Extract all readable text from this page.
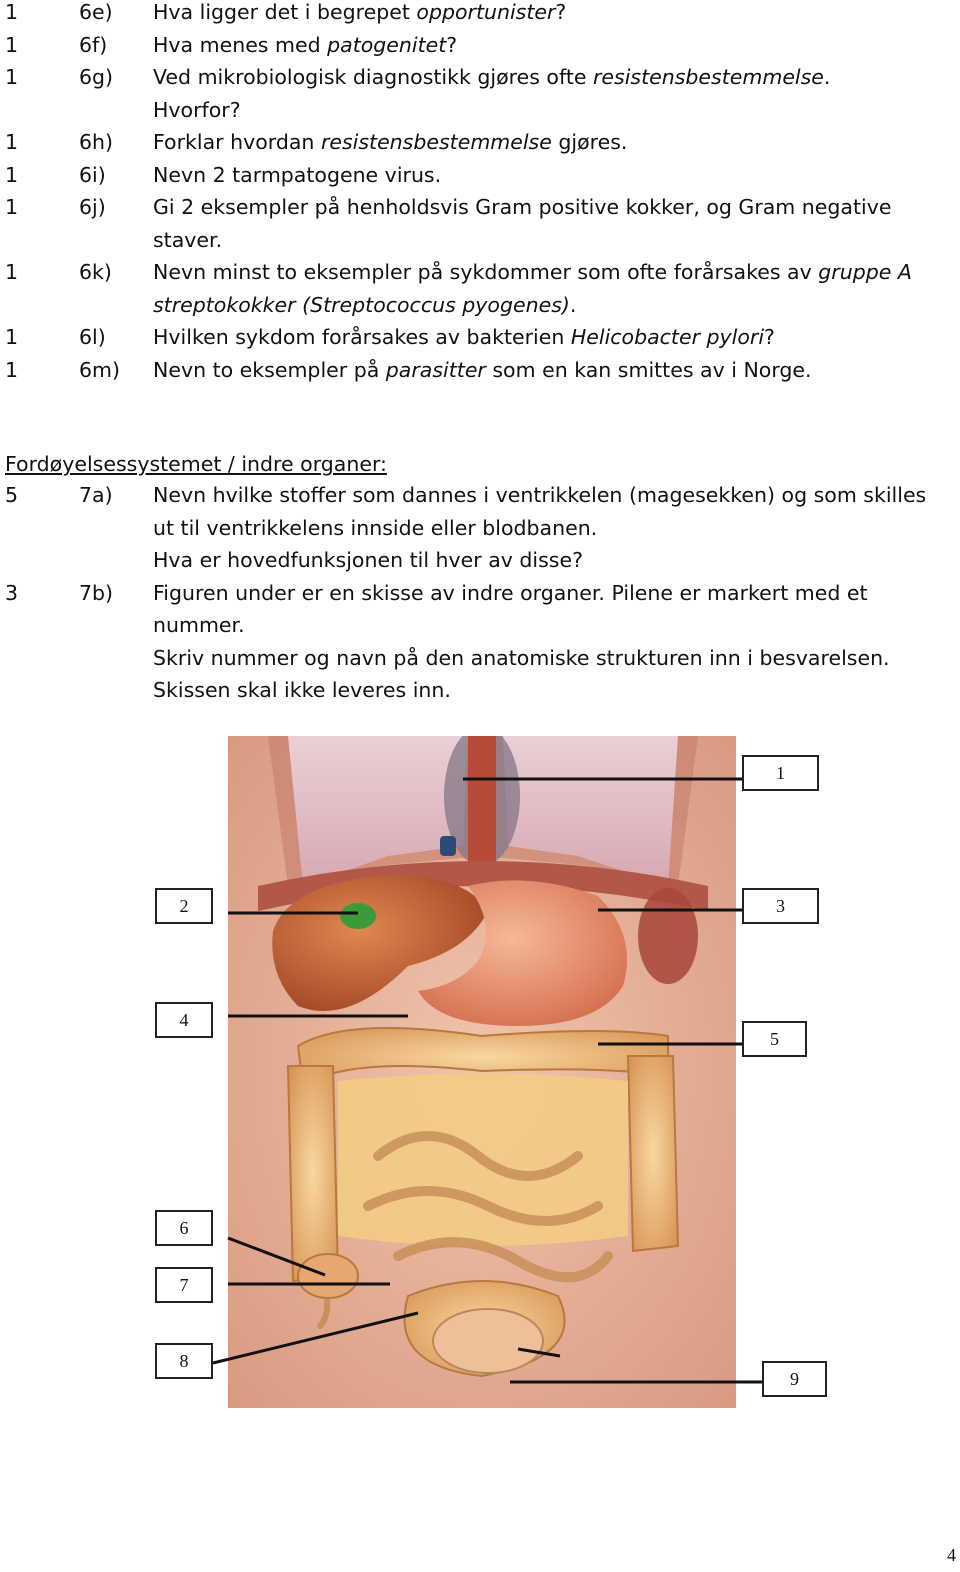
1	6e) Hva ligger det i begrepet opportunister?
1	6f) Hva menes med patogenitet?
1	6g) Ved mikrobiologisk diagnostikk gjøres ofte resistensbestemmelse.
Hvorfor?
1	6h) Forklar hvordan resistensbestemmelse gjøres.
1	6i) Nevn 2 tarmpatogene virus.
1	6j) Gi 2 eksempler på henholdsvis Gram positive kokker, og Gram negative
staver.
1	6k) Nevn minst to eksempler på sykdommer som ofte forårsakes av gruppe A
streptokokker (Streptococcus pyogenes).
1	6l) Hvilken sykdom forårsakes av bakterien Helicobacter pylori?
1	6m) Nevn to eksempler på parasitter som en kan smittes av i Norge.
Fordøyelsessystemet / indre organer:
5	7a) Nevn hvilke stoffer som dannes i ventrikkelen (magesekken) og som skilles
ut til ventrikkelens innside eller blodbanen.
Hva er hovedfunksjonen til hver av disse?
3	7b) Figuren under er en skisse av indre organer. Pilene er markert med et
nummer.
Skriv nummer og navn på den anatomiske strukturen inn i besvarelsen.
Skissen skal ikke leveres inn.
1
2	3
4
5
6
7
8
9
4
